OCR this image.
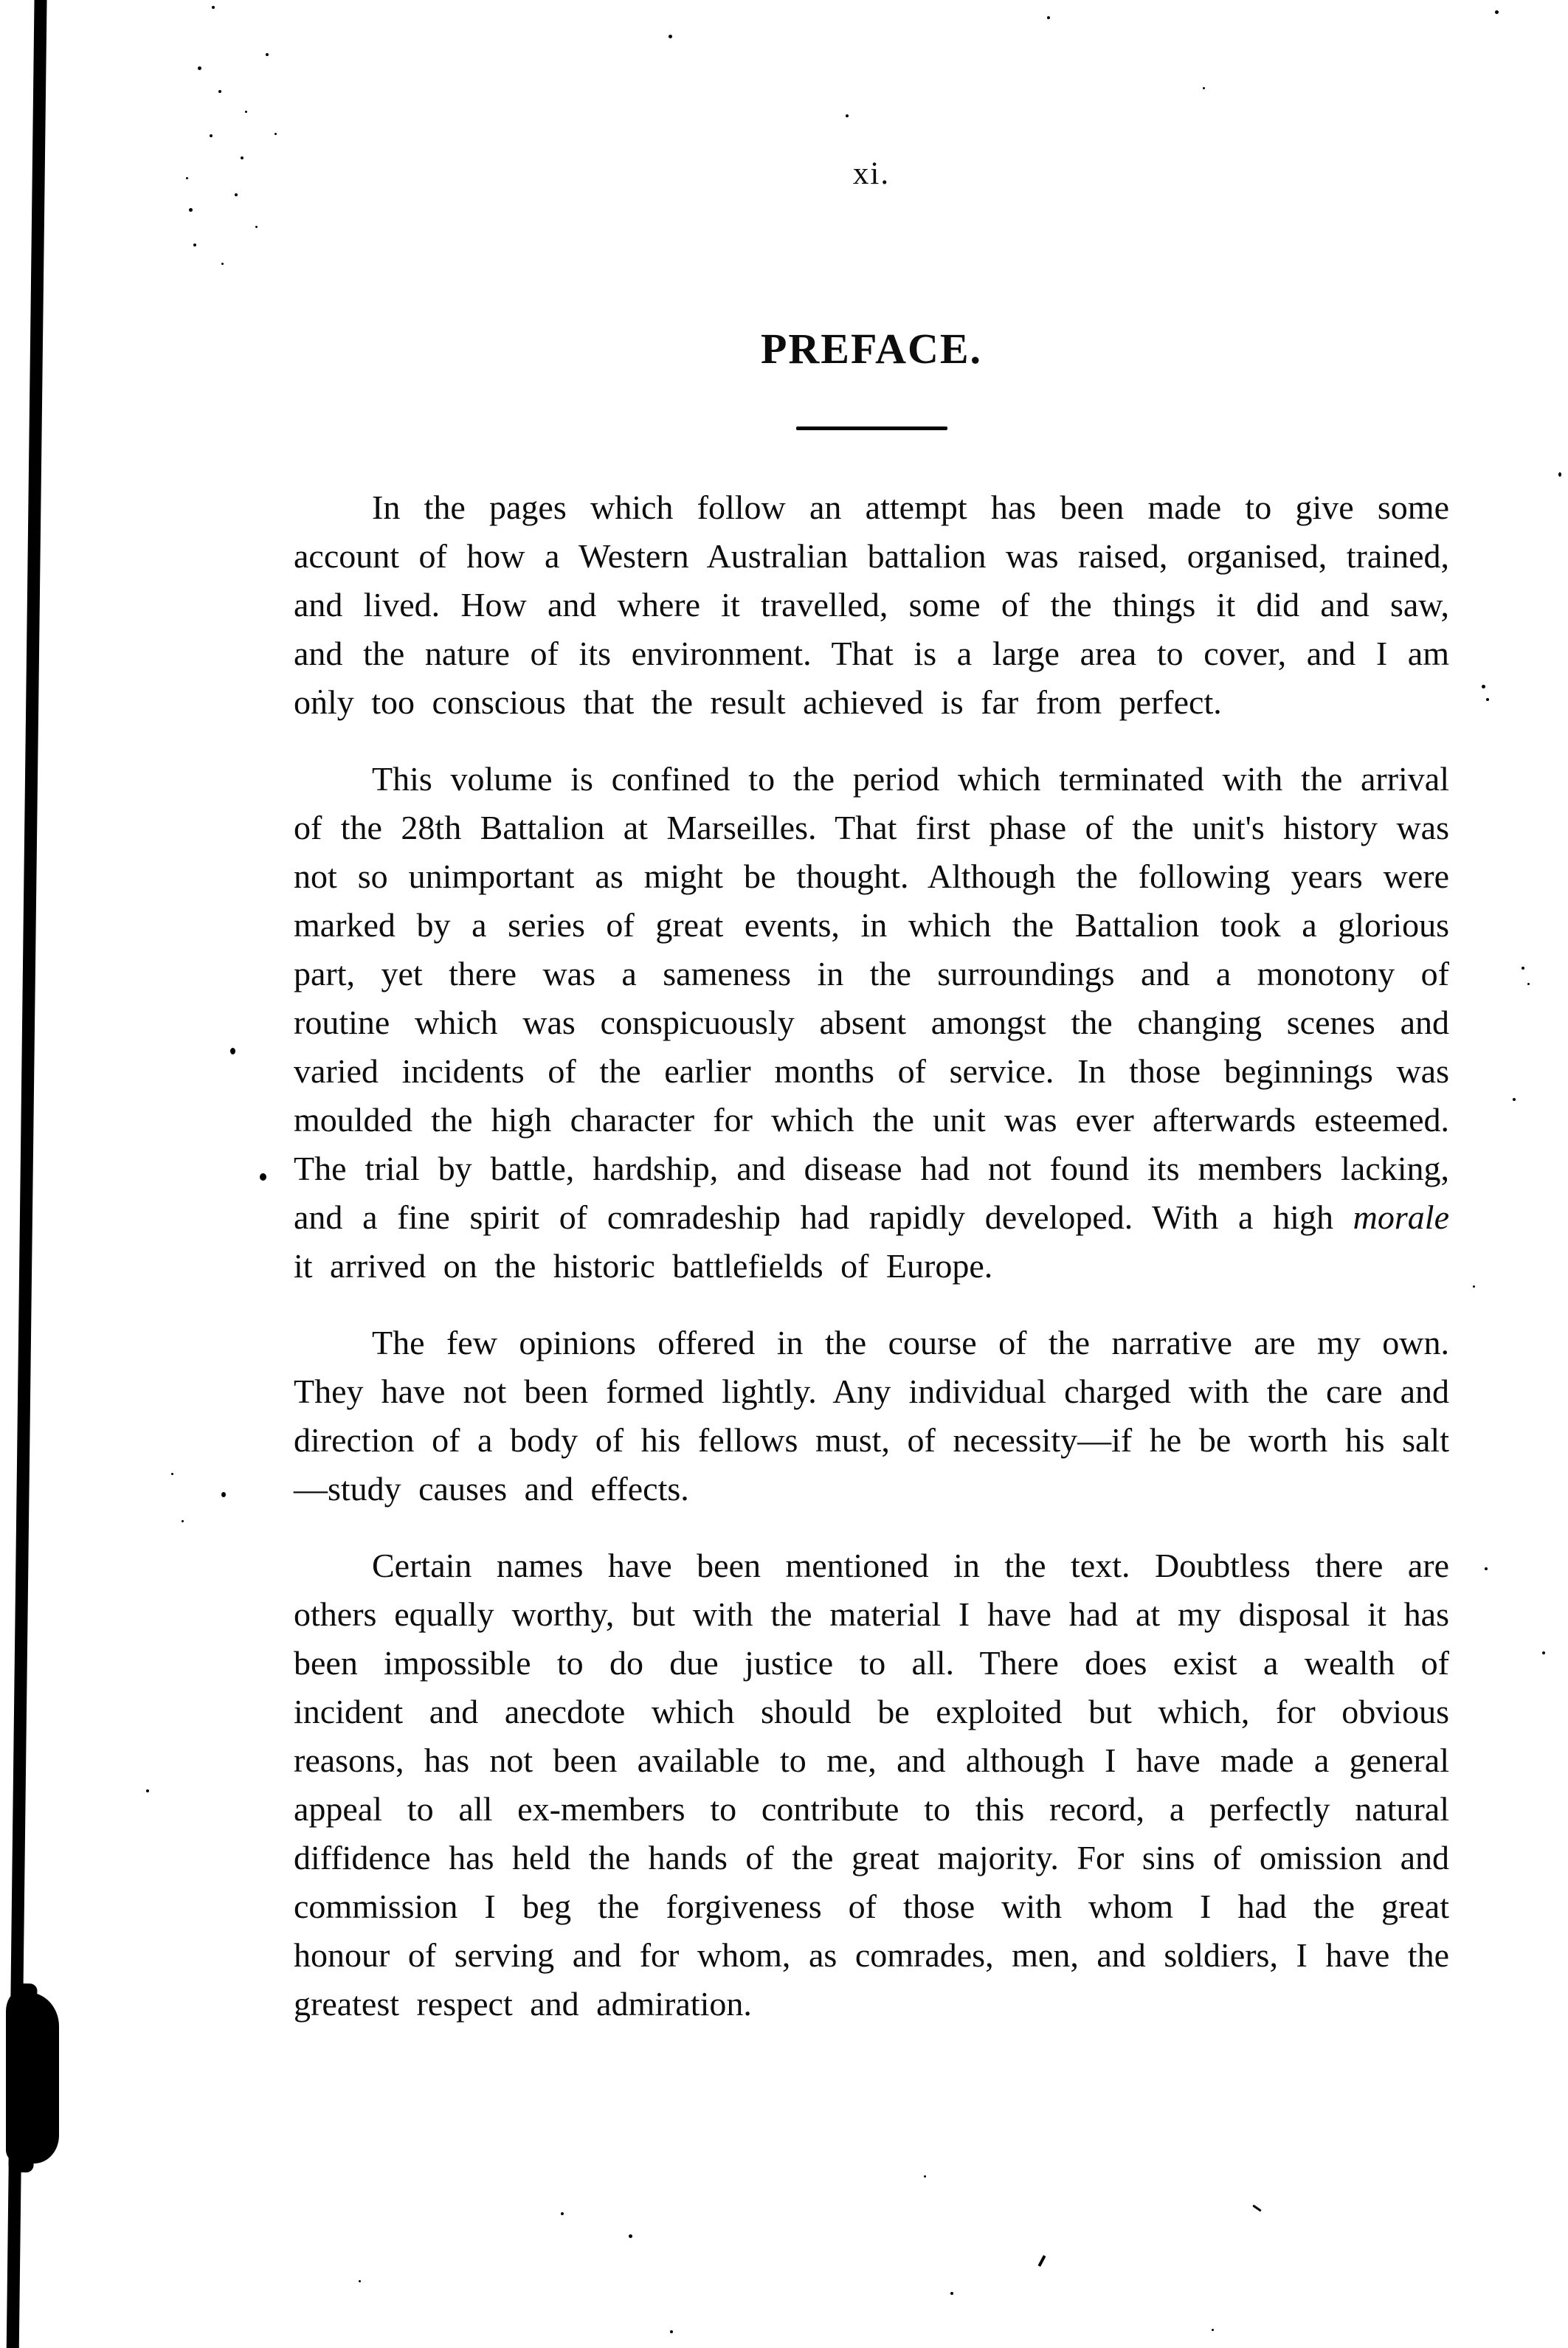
xi.
PREFACE.

In the pages which follow an attempt has been made to give some account of how a Western Australian battalion was raised, organised, trained, and lived. How and where it travelled, some of the things it did and saw, and the nature of its environment. That is a large area to cover, and I am only too conscious that the result achieved is far from perfect.

This volume is confined to the period which terminated with the arrival of the 28th Battalion at Marseilles. That first phase of the unit's history was not so unimportant as might be thought. Although the following years were marked by a series of great events, in which the Battalion took a glorious part, yet there was a sameness in the surroundings and a monotony of routine which was conspicuously absent amongst the changing scenes and varied incidents of the earlier months of service. In those beginnings was moulded the high character for which the unit was ever afterwards esteemed. The trial by battle, hardship, and disease had not found its members lacking, and a fine spirit of comradeship had rapidly developed. With a high morale it arrived on the historic battlefields of Europe.

The few opinions offered in the course of the narrative are my own. They have not been formed lightly. Any individual charged with the care and direction of a body of his fellows must, of necessity—if he be worth his salt—study causes and effects.

Certain names have been mentioned in the text. Doubtless there are others equally worthy, but with the material I have had at my disposal it has been impossible to do due justice to all. There does exist a wealth of incident and anecdote which should be exploited but which, for obvious reasons, has not been available to me, and although I have made a general appeal to all ex-members to contribute to this record, a perfectly natural diffidence has held the hands of the great majority. For sins of omission and commission I beg the forgiveness of those with whom I had the great honour of serving and for whom, as comrades, men, and soldiers, I have the greatest respect and admiration.
